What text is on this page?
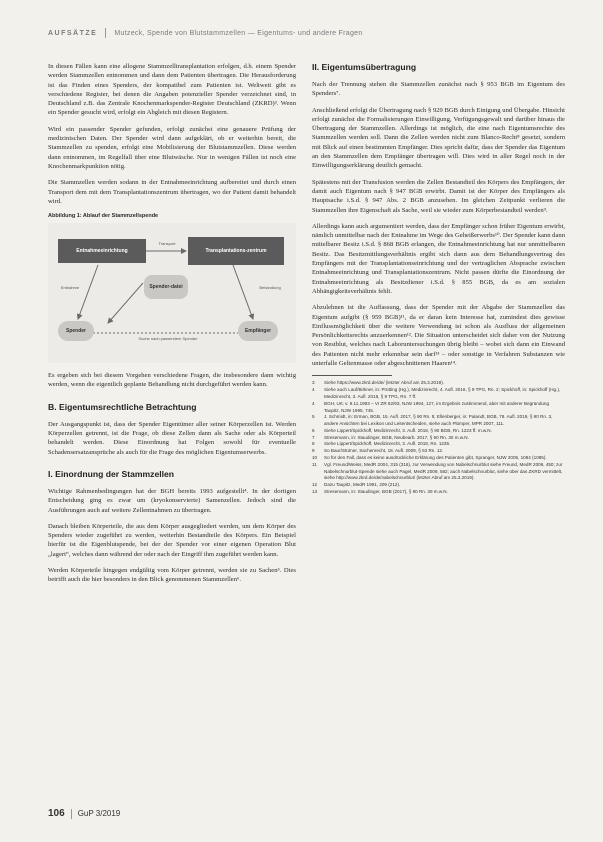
AUFSÄTZE Mutzeck, Spende von Blutstammzellen — Eigentums- und andere Fragen

In diesen Fällen kann eine allogene Stammzelltransplantation erfolgen, d.h. einem Spender werden Stammzellen entnommen und dann dem Patienten übertragen. Die Herausforderung ist das Finden eines Spenders, der kompatibel zum Patienten ist. Weltweit gibt es verschiedene Register, bei denen die Angaben potenzieller Spender verzeichnet sind, in Deutschland z.B. das Zentrale Knochenmarkspender-Register Deutschland (ZKRD)³. Wenn ein Spender gesucht wird, erfolgt ein Abgleich mit diesen Registern.

Wird ein passender Spender gefunden, erfolgt zunächst eine genauere Prüfung der medizinischen Daten. Der Spender wird dann aufgeklärt, ob er weiterhin bereit, die Stammzellen zu spenden, erfolgt eine Mobilisierung der Blutstammzellen. Diese werden dann entnommen, im Regelfall über eine Blutwäsche. Nur in wenigen Fällen ist noch eine Knochenmarkpunktion nötig.

Die Stammzellen werden sodann in der Entnahmeeinrichtung aufbereitet und durch einen Transport dem mit dem Transplantationszentrum übertragen, wo der Patient damit behandelt wird.

Abbildung 1: Ablauf der Stammzellspende
Entnahmeeinrichtung	Transplantations-zentrum
Spender-datei
Spender	Empfänger
Transport
Entnahme	Behandlung
Suche nach passendem Spender

Es ergeben sich bei diesem Vorgehen verschiedene Fragen, die insbesondere dann wichtig werden, wenn die eigentlich geplante Behandlung nicht durchgeführt werden kann.

B. Eigentumsrechtliche Betrachtung

Der Ausgangspunkt ist, dass der Spender Eigentümer aller seiner Körperzellen ist. Werden Körperzellen getrennt, ist die Frage, ob diese Zellen dann als Sache oder als Körperteil behandelt werden. Diese Einordnung hat Folgen sowohl für eventuelle Schadensersatzansprüche als auch für die Frage des möglichen Eigentumserwerbs.

I. Einordnung der Stammzellen

Wichtige Rahmenbedingungen hat der BGH bereits 1993 aufgestellt⁴. In der dortigen Entscheidung ging es zwar um (kryokonservierte) Samenzellen. Jedoch sind die Ausführungen auch auf weitere Zellentnahmen zu übertragen.

Danach bleiben Körperteile, die aus dem Körper ausgegliedert werden, um dem Körper des Spenders wieder zugeführt zu werden, weiterhin Bestandteile des Körpers. Ein Beispiel hierfür ist die Eigenblutspende, bei der der Spender vor einer eigenen Operation Blut „lagert“, welches dann während der oder nach der Eingriff ihm zugeführt werden kann.

Werden Körperteile hingegen endgültig vom Körper getrennt, werden sie zu Sachen⁵. Dies betrifft auch die hier besonders in den Blick genommenen Stammzellen⁶.

II. Eigentumsübertragung

Nach der Trennung stehen die Stammzellen zunächst nach § 953 BGB im Eigentum des Spenders⁷.

Anschließend erfolgt die Übertragung nach § 929 BGB durch Einigung und Übergabe. Hinsicht erfolgt zunächst die Formalisierungen Einwilligung, Verfügungsgewalt und darüber hinaus die Übertragung der Stammzellen. Allerdings ist möglich, die eine nach Eigentumsrechte des Stammzellen werden soll. Dann die Zellen werden nicht zum Blanco-Recht⁸ gesetzt, sondern mit Blick auf einen bestimmten Empfänger. Dies spricht dafür, dass der Spender das Eigentum an den Stammzellen dem Empfänger übertragen will. Dies wird in aller Regel noch in der Einwilligungserklärung deutlich gemacht.

Spätestens mit der Transfusion werden die Zellen Bestandteil des Körpers des Empfängers, der damit auch Eigentum nach § 947 BGB erwirbt. Damit ist der Körper des Empfängers als Hauptsache i.S.d. § 947 Abs. 2 BGB anzusehen. Im gleichen Zeitpunkt verlieren die Stammzellen ihre Eigenschaft als Sache, weil sie wieder zum Körperbestandteil werden⁹.

Allerdings kann auch argumentiert werden, dass der Empfänger schon früher Eigentum erwirbt, nämlich unmittelbar nach der Entnahme im Wege des Geheißerwerbs¹⁰. Der Spender kann dann mittelbarer Besitz i.S.d. § 868 BGB erlangen, die Entnahmeeinrichtung hat nur unmittelbaren Besitz. Das Besitzmittlungsverhältnis ergibt sich dann aus dem Behandlungsvertrag des Empfängers mit der Transplantationseinrichtung und der vertraglichen Absprache zwischen Entnahmeeinrichtung und Transplantationszentrum. Nicht passen dürfte die Einordnung der Entnahmeeinrichtung als Besitzdiener i.S.d. § 855 BGB, da es am sozialen Abhängigkeitsverhältnis fehlt.

Abzulehnen ist die Auffassung, dass der Spender mit der Abgabe der Stammzellen das Eigentum aufgibt (§ 959 BGB)¹¹, da er daran kein Interesse hat, zumindest dies gewisse Einflussmöglichkeit über die weitere Verwendung ist schon als Ausfluss der allgemeinen Persönlichkeitsrechts anzuerkennen¹². Die Situation unterscheidet sich daher von der Nutzung von Restblut, welches nach Laboruntersuchungen übrig bleibt – wobei sich dann ein Einwand des Patienten nicht mehr erkennbar sein darf¹³ – oder sonstige in Verfahren Substanzen wie unterfalle Geltenmasse oder abgeschnittenen Haaren¹⁴.

3	Siehe https://www.zkrd.de/de/ (letzter Abruf am 25.3.2019).
4	Siehe auch Lauf/Birkner, in: Prütting (Hg.), Medizinrecht, 4. Aufl. 2016, § 9 TPG, Rn. 2; Spickhoff, in: Spickhoff (Hg.), Medizinrecht, 3. Aufl. 2018, § 9 TPG, Rn. 7 ff.
4	BGH, Urt. v. 9.11.1993 – VI ZR 62/93, NJW 1994, 127, im Ergebnis zustimmend, aber mit anderer Begründung Taupitz, NJW 1995, 745.
5	J. Schmidt, in: Erman, BGB, 15. Aufl. 2017, § 90 Rn. 5; Ellenberger, in: Palandt, BGB, 78. Aufl. 2019, § 90 Rn. 3, andere Ansichten bei Lexikon und Leitentscheiden, siehe auch Plümper, MPR 2007, 111.
6	Siehe Lippert/Spickhoff, Medizinrecht, 3. Aufl. 2018, § 90 BGB, Rn. 1223 ff. m.w.N.
7	Stresemann, in: Staudinger, BGB, Neubearb. 2017, § 90 Rn. 30 m.w.N.
8	Siehe Lippert/Spickhoff, Medizinrecht, 3. Aufl. 2018, Rn. 1235.
9	So Baur/Stürner, Sachenrecht, 18. Aufl. 2009, § 53 Rn. 12.
10	So für den Fall, dass es keine ausdrückliche Erklärung des Patienten gibt, Spranger, NJW 2005, 1084 (1085).
11	Vgl. Freund/Weiss, MedR 2004, 315 (316), zur Verwendung von Nabelschnurblut siehe Freund, MedR 2006, 450; zur Nabelschnurblut-Spende siehe auch Pagel, MedR 2009, 582; auch Nabelschnurblut, siehe über das ZKRD vermittelt, siehe http://www.zkrd.de/de/nabelschnurblut/ (letzter Abruf am 25.3.2019).
12	Dazu Taupitz, MedR 1991, 209 (212).
13	Stresemann, in: Staudinger, BGB (2017), § 90 Rn. 39 m.w.N.
106 GuP 3/2019
